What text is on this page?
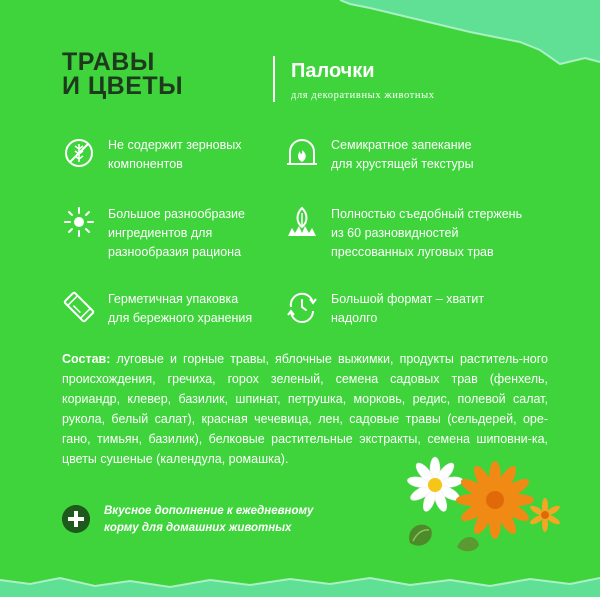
ТРАВЫ
И ЦВЕТЫ
Палочки
для декоративных животных
Не содержит зерновых
компонентов
Семикратное запекание
для хрустящей текстуры
Большое разнообразие
ингредиентов для
разнообразия рациона
Полностью съедобный стержень
из 60 разновидностей
прессованных луговых трав
Герметичная упаковка
для бережного хранения
Большой формат – хватит
надолго
Состав: луговые и горные травы, яблочные выжимки, продукты раститель-ного происхождения, гречиха, горох зеленый, семена садовых трав (фенхель, кориандр, клевер, базилик, шпинат, петрушка, морковь, редис, полевой салат, рукола, белый салат), красная чечевица, лен, садовые травы (сельдерей, оре-гано, тимьян, базилик), белковые растительные экстракты, семена шиповни-ка, цветы сушеные (календула, ромашка).
Вкусное дополнение к ежедневному
корму для домашних животных
